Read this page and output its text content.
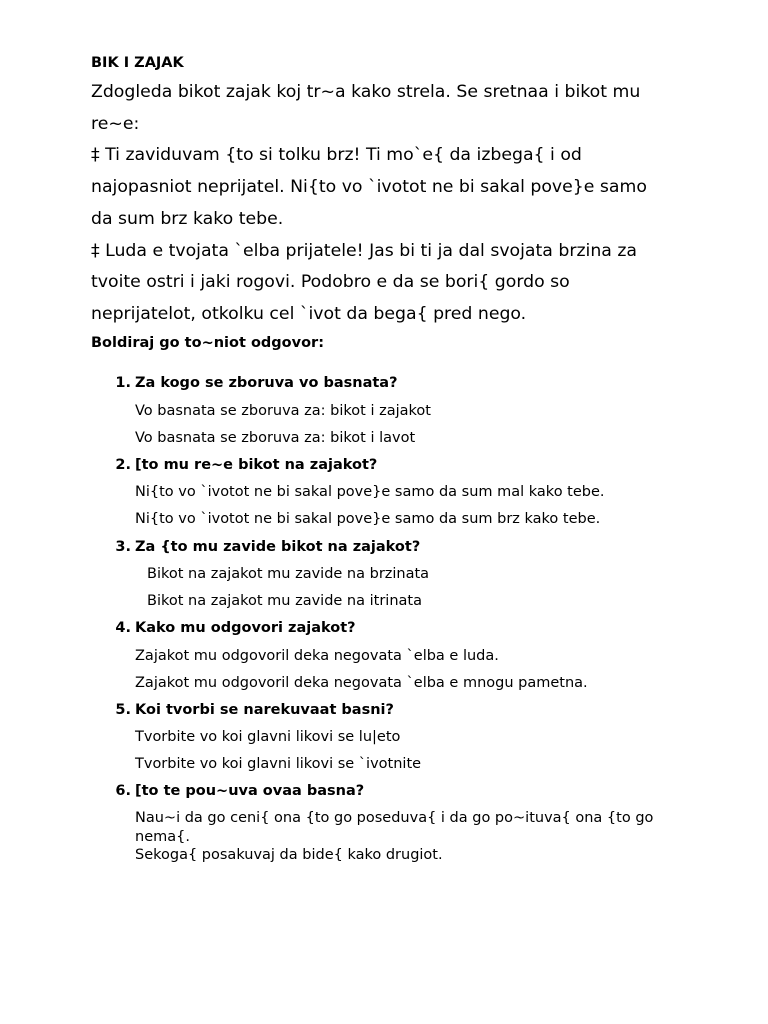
BIK I ZAJAK

Zdogleda bikot zajak koj tr~a kako strela. Se sretnaa i bikot mu

re~e:

‡ Ti zaviduvam {to si tolku brz! Ti mo`e{ da izbega{ i od

najopasniot neprijatel. Ni{to vo `ivotot ne bi sakal pove}e samo

da sum brz kako tebe.

‡ Luda e tvojata `elba prijatele! Jas bi ti ja dal svojata brzina za

tvoite ostri i jaki rogovi. Podobro e da se bori{ gordo so

neprijatelot, otkolku cel `ivot da bega{ pred nego.

Boldiraj go to~niot odgovor:
1. Za kogo se zboruva vo basnata?
Vo basnata se zboruva za: bikot i zajakot
Vo basnata se zboruva za: bikot i lavot
2. [to mu re~e bikot na zajakot?
Ni{to vo `ivotot ne bi sakal pove}e samo da sum mal kako tebe.
Ni{to vo `ivotot ne bi sakal pove}e samo da sum brz kako tebe.
3. Za {to mu zavide bikot na zajakot?
Bikot na zajakot mu zavide na brzinata
Bikot na zajakot mu zavide na itrinata
4. Kako mu odgovori zajakot?
Zajakot mu odgovoril deka negovata `elba e luda.
Zajakot mu odgovoril deka negovata `elba e mnogu pametna.
5. Koi tvorbi se narekuvaat basni?
Tvorbite vo koi glavni likovi se lu|eto
Tvorbite vo koi glavni likovi se `ivotnite
6. [to te pou~uva ovaa basna?
Nau~i da go ceni{ ona {to go poseduva{ i da go po~ituva{ ona {to go
nema{.
Sekoga{ posakuvaj da bide{ kako drugiot.
